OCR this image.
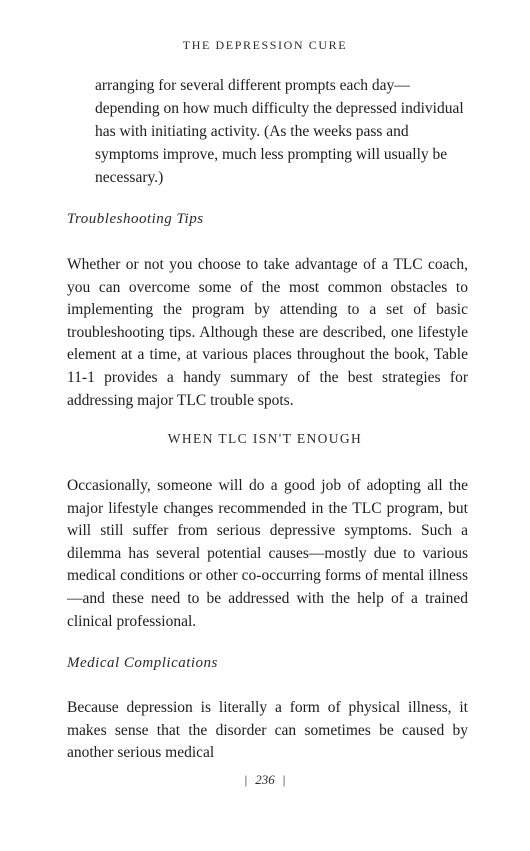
THE DEPRESSION CURE
arranging for several different prompts each day—depending on how much difficulty the depressed individual has with initiating activity. (As the weeks pass and symptoms improve, much less prompting will usually be necessary.)
Troubleshooting Tips
Whether or not you choose to take advantage of a TLC coach, you can overcome some of the most common obstacles to implementing the program by attending to a set of basic troubleshooting tips. Although these are described, one lifestyle element at a time, at various places throughout the book, Table 11-1 provides a handy summary of the best strategies for addressing major TLC trouble spots.
WHEN TLC ISN'T ENOUGH
Occasionally, someone will do a good job of adopting all the major lifestyle changes recommended in the TLC program, but will still suffer from serious depressive symptoms. Such a dilemma has several potential causes—mostly due to various medical conditions or other co-occurring forms of mental illness—and these need to be addressed with the help of a trained clinical professional.
Medical Complications
Because depression is literally a form of physical illness, it makes sense that the disorder can sometimes be caused by another serious medical
| 236 |
